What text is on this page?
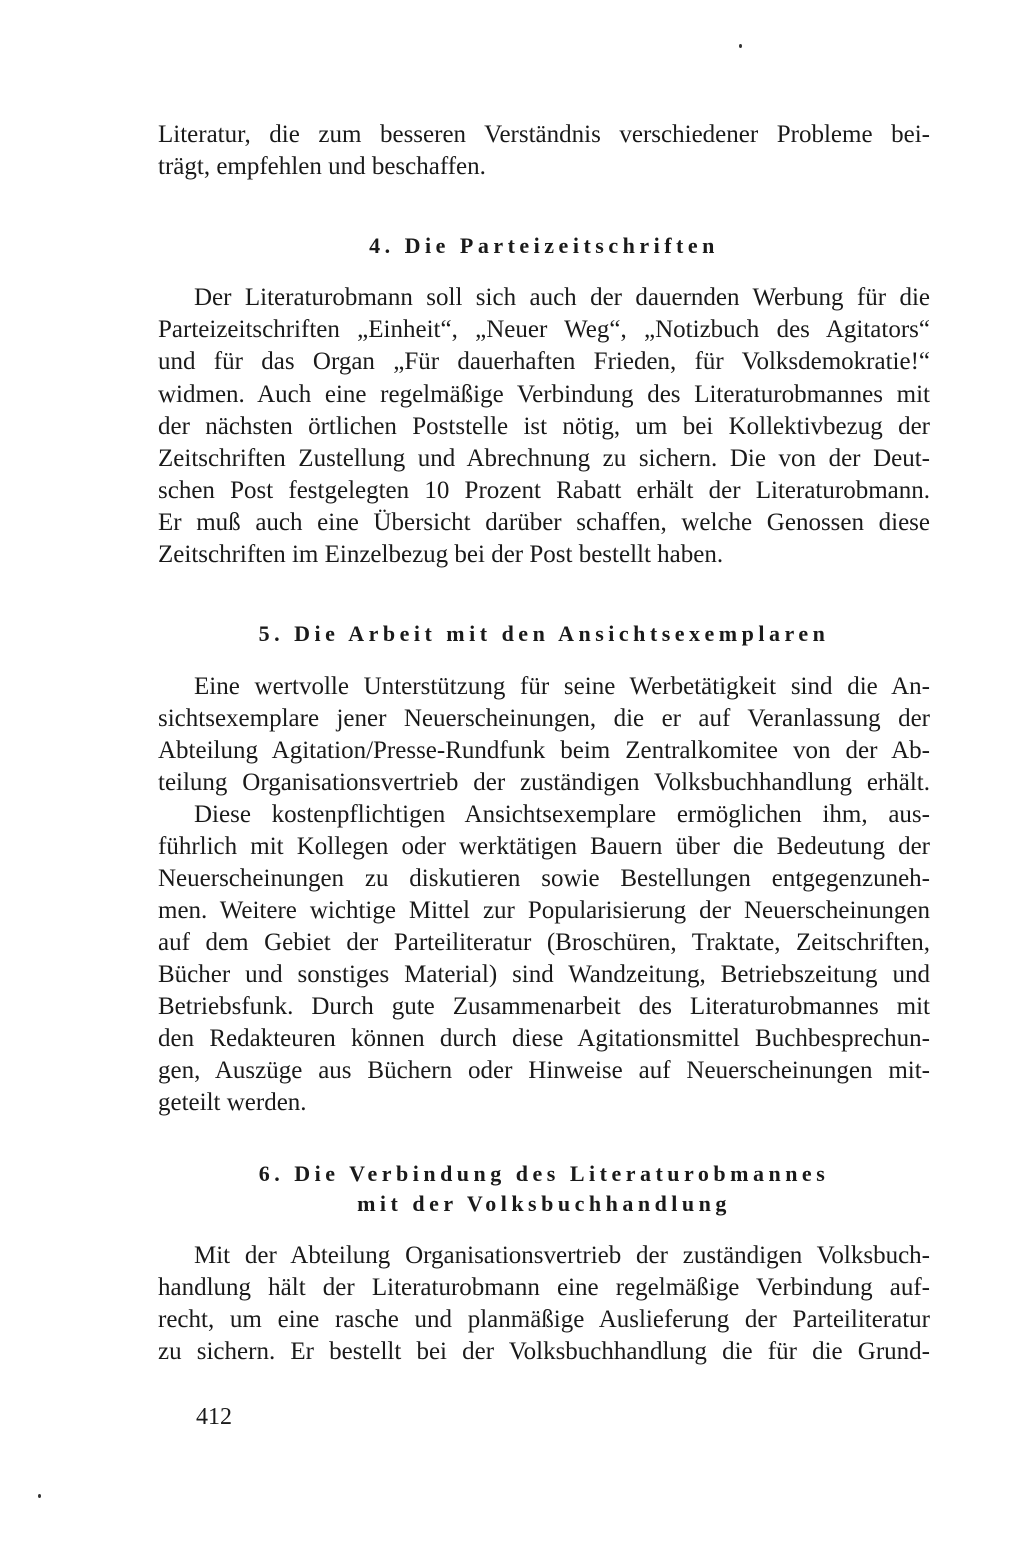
Literatur, die zum besseren Verständnis verschiedener Probleme bei-
trägt, empfehlen und beschaffen.
4. Die Parteizeitschriften
Der Literaturobmann soll sich auch der dauernden Werbung für die
Parteizeitschriften „Einheit“, „Neuer Weg“, „Notizbuch des Agitators“
und für das Organ „Für dauerhaften Frieden, für Volksdemokratie!“
widmen. Auch eine regelmäßige Verbindung des Literaturobmannes mit
der nächsten örtlichen Poststelle ist nötig, um bei Kollektivbezug der
Zeitschriften Zustellung und Abrechnung zu sichern. Die von der Deut-
schen Post festgelegten 10 Prozent Rabatt erhält der Literaturobmann.
Er muß auch eine Übersicht darüber schaffen, welche Genossen diese
Zeitschriften im Einzelbezug bei der Post bestellt haben.
5. Die Arbeit mit den Ansichtsexemplaren
Eine wertvolle Unterstützung für seine Werbetätigkeit sind die An-
sichtsexemplare jener Neuerscheinungen, die er auf Veranlassung der
Abteilung Agitation/Presse-Rundfunk beim Zentralkomitee von der Ab-
teilung Organisationsvertrieb der zuständigen Volksbuchhandlung erhält.
Diese kostenpflichtigen Ansichtsexemplare ermöglichen ihm, aus-
führlich mit Kollegen oder werktätigen Bauern über die Bedeutung der
Neuerscheinungen zu diskutieren sowie Bestellungen entgegenzuneh-
men. Weitere wichtige Mittel zur Popularisierung der Neuerscheinungen
auf dem Gebiet der Parteiliteratur (Broschüren, Traktate, Zeitschriften,
Bücher und sonstiges Material) sind Wandzeitung, Betriebszeitung und
Betriebsfunk. Durch gute Zusammenarbeit des Literaturobmannes mit
den Redakteuren können durch diese Agitationsmittel Buchbesprechun-
gen, Auszüge aus Büchern oder Hinweise auf Neuerscheinungen mit-
geteilt werden.
6. Die Verbindung des Literaturobmannes
mit der Volksbuchhandlung
Mit der Abteilung Organisationsvertrieb der zuständigen Volksbuch-
handlung hält der Literaturobmann eine regelmäßige Verbindung auf-
recht, um eine rasche und planmäßige Auslieferung der Parteiliteratur
zu sichern. Er bestellt bei der Volksbuchhandlung die für die Grund-
412
